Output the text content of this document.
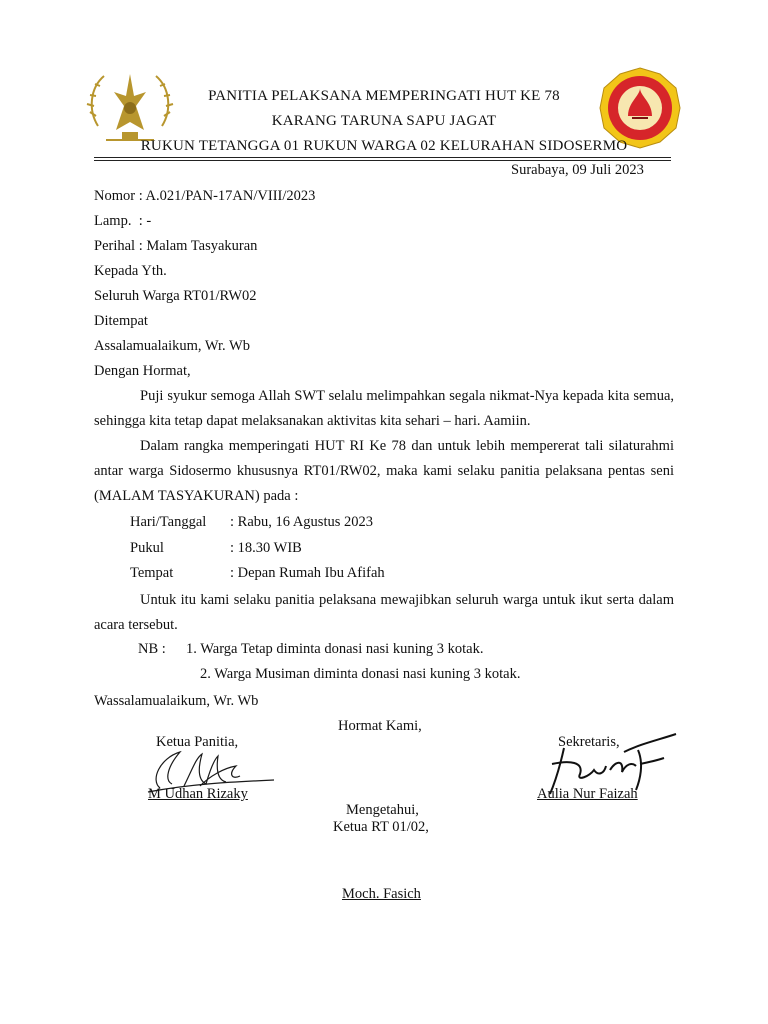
PANITIA PELAKSANA MEMPERINGATI HUT KE 78
KARANG TARUNA SAPU JAGAT
RUKUN TETANGGA 01 RUKUN WARGA 02 KELURAHAN SIDOSERMO
Surabaya, 09 Juli 2023
Nomor : A.021/PAN-17AN/VIII/2023
Lamp.  : -
Perihal : Malam Tasyakuran
Kepada Yth.
Seluruh Warga RT01/RW02
Ditempat
Assalamualaikum, Wr. Wb
Dengan Hormat,
Puji syukur semoga Allah SWT selalu melimpahkan segala nikmat-Nya kepada kita semua, sehingga kita tetap dapat melaksanakan aktivitas kita sehari – hari. Aamiin.
Dalam rangka memperingati HUT RI Ke 78 dan untuk lebih mempererat tali silaturahmi antar warga Sidosermo khususnya RT01/RW02, maka kami selaku panitia pelaksana pentas seni (MALAM TASYAKURAN) pada :
Hari/Tanggal : Rabu, 16 Agustus 2023
Pukul	: 18.30 WIB
Tempat	: Depan Rumah Ibu Afifah
Untuk itu kami selaku panitia pelaksana mewajibkan seluruh warga untuk ikut serta dalam acara tersebut.
NB : 1. Warga Tetap diminta donasi nasi kuning 3 kotak.
2. Warga Musiman diminta donasi nasi kuning 3 kotak.
Wassalamualaikum, Wr. Wb
Hormat Kami,
Ketua Panitia,	Sekretaris,
M Udhan Rizaky	Aulia Nur Faizah
Mengetahui,
Ketua RT 01/02,
Moch. Fasich
